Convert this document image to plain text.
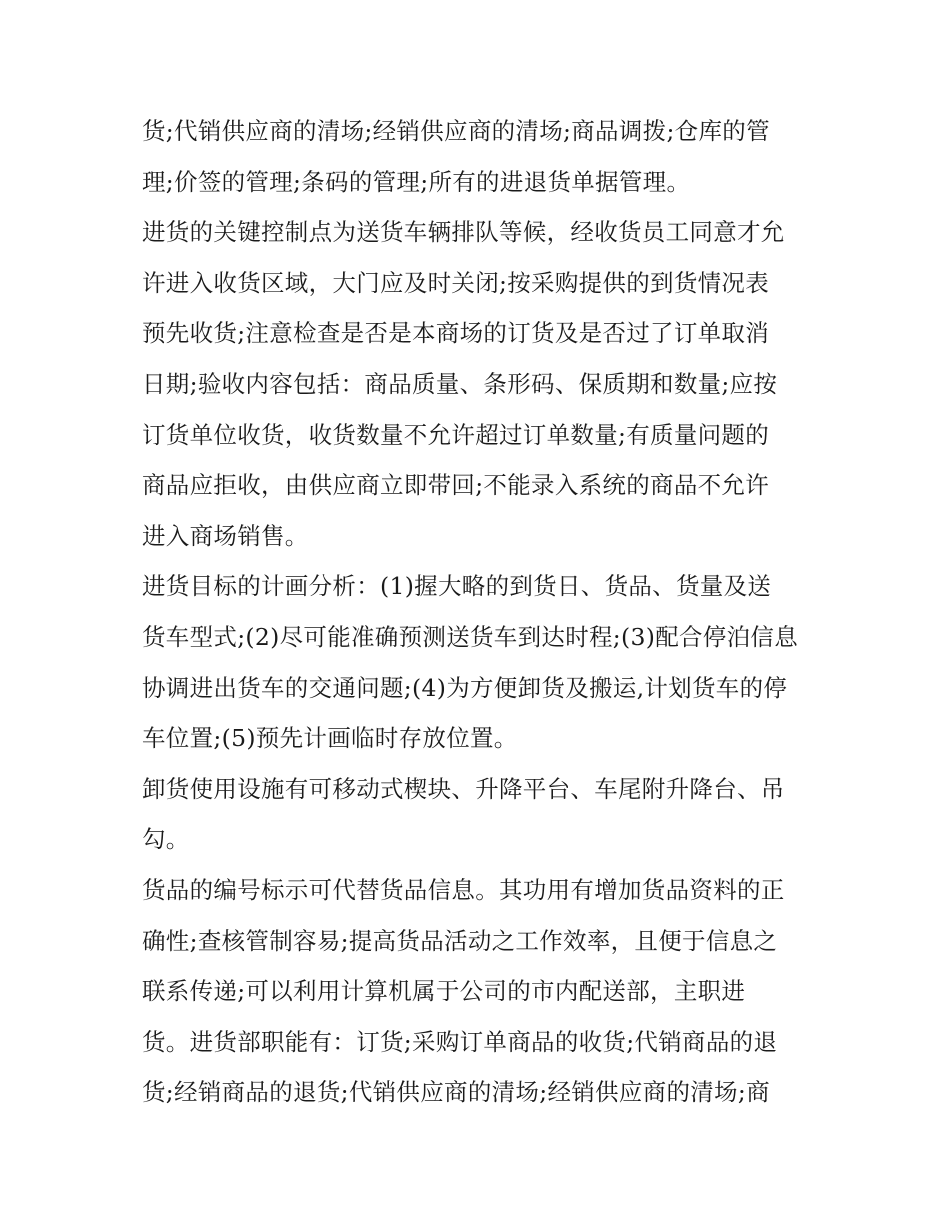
货;代销供应商的清场;经销供应商的清场;商品调拨;仓库的管
理;价签的管理;条码的管理;所有的进退货单据管理。
进货的关键控制点为送货车辆排队等候，经收货员工同意才允
许进入收货区域，大门应及时关闭;按采购提供的到货情况表
预先收货;注意检查是否是本商场的订货及是否过了订单取消
日期;验收内容包括：商品质量、条形码、保质期和数量;应按
订货单位收货，收货数量不允许超过订单数量;有质量问题的
商品应拒收，由供应商立即带回;不能录入系统的商品不允许
进入商场销售。
进货目标的计画分析：(1)握大略的到货日、货品、货量及送
货车型式;(2)尽可能准确预测送货车到达时程;(3)配合停泊信息
协调进出货车的交通问题;(4)为方便卸货及搬运,计划货车的停
车位置;(5)预先计画临时存放位置。
卸货使用设施有可移动式楔块、升降平台、车尾附升降台、吊
勾。
货品的编号标示可代替货品信息。其功用有增加货品资料的正
确性;查核管制容易;提高货品活动之工作效率，且便于信息之
联系传递;可以利用计算机属于公司的市内配送部，主职进
货。进货部职能有：订货;采购订单商品的收货;代销商品的退
货;经销商品的退货;代销供应商的清场;经销供应商的清场;商
